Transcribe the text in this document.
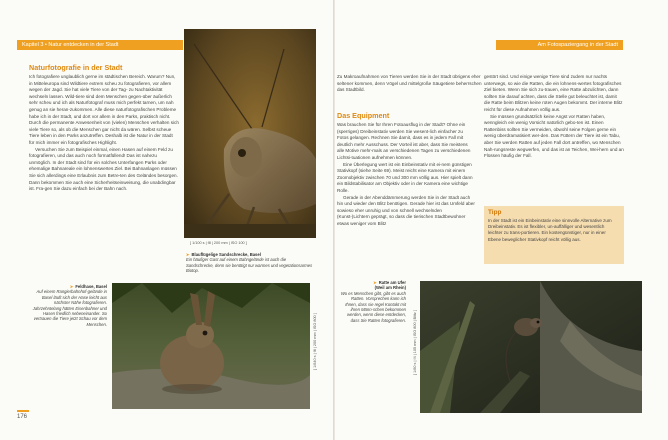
Kapitel 3 • Natur entdecken in der Stadt	Am Fotospaziergang in der Stadt
Naturfotografie in der Stadt

Ich fotografiere unglaublich gerne im städtischen Bereich. Warum? Nun, in Mitteleuropa sind Wildtiere extrem scheu zu fotografieren, vor allem wegen der Jagd. Sie hat viele Tiere von der Tag- zu Nachtaktivität wechseln lassen. Wild-tiere sind dem Menschen gegen-über äußerlich sehr scheu und ich als Naturfotograf muss mich perfekt tarnen, um nah genug an sie heran-zukommen. Alle diese naturfotografischen Probleme habe ich in der Stadt, und dort vor allem in den Parks, praktisch nicht. Durch die permanente Anwesenheit von (vielen) Menschen verhalten sich viele Tiere so, als ob die Menschen gar nicht da wären. Selbst scheue Tiere leben in den Parks anzutreffen. Deshalb ist die Natur in der Stadt für mich immer ein fotografisches Highlight.

Versuchen Sie zum Beispiel einmal, einen Hasen auf einem Feld zu fotografieren, und das auch noch formatfüllend! Das ist nahezu unmöglich. In der Stadt sind für ein solches Unterfangen Parks oder ehemalige Bahnareale ein lohnenswertes Ziel. Bei Bahnanlagen müssen Sie sich allerdings eine Erlaubnis zum Betre-ten des Geländes besorgen. Dann bekommen Sie auch eine Sicherheitseinweisung, die unabdingbar ist. Fra-gen Sie dazu einfach bei der Bahn nach.

[ 1/100 s | f8 | 200 mm | ISO 100 ]
➤ Blauflügelige Sandschrecke, Basel
Ein häufiger Gast auf einem Bahngelände ist auch die Sandschrecke, denn sie benötigt nur warmes und vegetationsarmes Biotop.

Zu Makroaufnahmen von Tieren werden Sie in der Stadt übrigens eher seltener kommen, denn Vögel und mittelgroße Säugetiere beherrschen das Stadtbild.

Das Equipment

Was brauchen Sie für Ihren Fotoausflug in der Stadt? Ohne ein (sperriges) Dreibeinstativ werden Sie wesent-lich einfacher zu Fotos gelangen. Rechnen Sie damit, dass es in jedem Fall mit deutlich mehr Ausschuss. Der Vorteil ist aber, dass Sie meistens alle Motive mehr-mals an verschiedenen Tagen zu verschiedenen Lichtsi-tuationen aufnehmen können.

Eine Überlegung wert ist ein Einbeinstativ mit ei-nem günstigen Stativkopf (siehe Seite 69). Meist reicht eine Kamera mit einem Zoomobjektiv zwischen 70 und 300 mm völlig aus. Hier spielt dann ein Bildstabilisator am Objektiv oder in der Kamera eine wichtige Rolle.

Gerade in der Abenddämmerung werden Sie in der Stadt auch hin und wieder den Blitz benötigen. Gerade hier ist das Umfeld aber sowieso eher unruhig und von schnell wechselnden (Kunst-)Lichtern geprägt, so dass die tierischen Stadtbewohner etwas weniger vom Blitz

gestört sind. Und einige wenige Tiere sind zudem nur nachts unterwegs, so wie die Ratten, die ein lohnens-wertes fotografisches Ziel bieten. Wenn Sie sich zu-trauen, eine Ratte abzulichten, dann sollten Sie darauf achten, dass die Stelle gut beleuchtet ist, damit die Ratte beim Blitzen keine roten Augen bekommt. Der interne Blitz reicht für diese Aufnahmen völlig aus.

Sie müssen grundsätzlich keine Angst vor Ratten haben, wenngleich ein wenig Vorsicht natürlich gebo-ten ist. Einen Rattenbiss sollten Sie vermeiden, obwohl seine Folgen gerne ein wenig überdramatisiert wer-den. Das Füttern der Tiere ist ein Tabu, aber Sie werden Ratten auf jeden Fall dort antreffen, wo Menschen Nah-rungsreste wegwerfen, und das ist an Teichen, Wei-hern und an Flüssen häufig der Fall.

Tipp
In der Stadt ist ein Einbeinstativ eine sinnvolle Alternative zum Dreibeinstativ. Es ist flexibler, un-auffälliger und wesentlich leichter zu trans-portieren. Ein kostengünstiger, nur in einer Ebene beweglicher Stativkopf reicht völlig aus.
➤ Feldhase, Basel
Auf einem Rangierbahnhof-gelände in Basel läuft sich der Hase leicht aus nächster Nähe fotografieren. Jahrzehntelang hätten Eisenbahner und Hasen friedlich nebeneinander. So vertrauen die Tiere jetzt Schau vor dem Menschen.	[ 1/640 s | f8 | 200 mm | ISO 800 ]
➤ Ratte am Ufer
(Weil am Rhein)
Wo es Menschen gibt, gibt es auch Ratten. Vorsprechen kann ich Ihnen, dass sie regel Kontakt mit ihren Männ-schen bekommen werden, wenn diese entdecken, dass Sie Ratten fotografieren. [ 1/60 s | f4 | 105 mm | ISO 800 | Blitz ]
176
